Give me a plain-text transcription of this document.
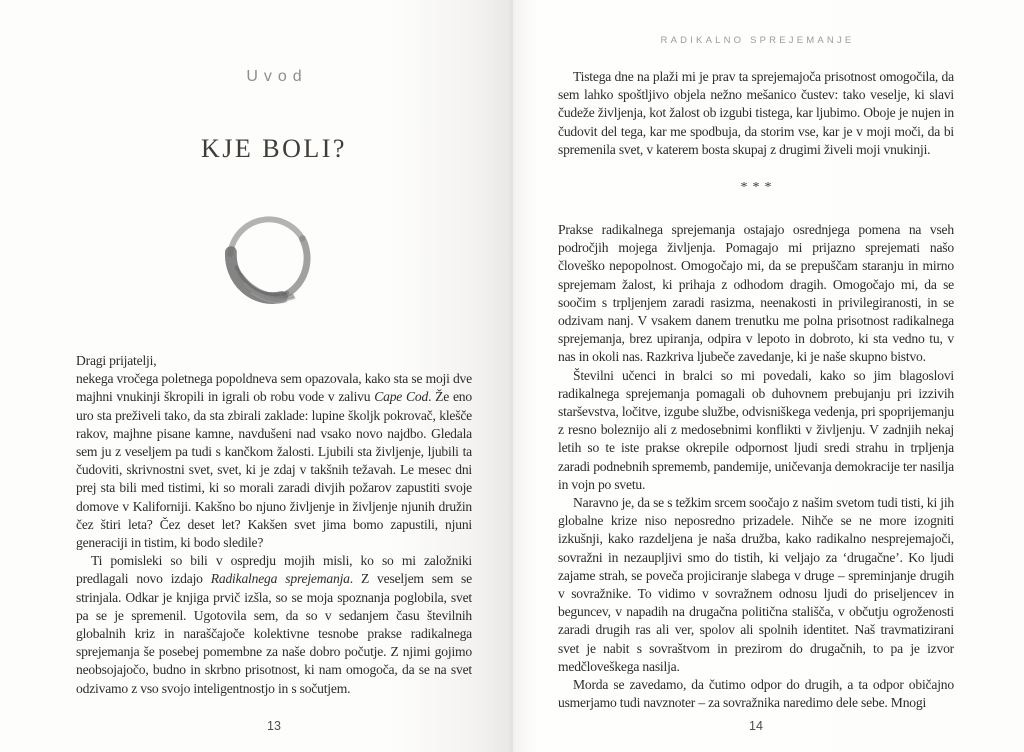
Uvod
KJE BOLI?

Dragi prijatelji,

nekega vročega poletnega popoldneva sem opazovala, kako sta se moji dve majhni vnukinji škropili in igrali ob robu vode v zalivu Cape Cod. Že eno uro sta preživeli tako, da sta zbirali zaklade: lupine školjk pokrovač, klešče rakov, majhne pisane kamne, navdušeni nad vsako novo najdbo. Gledala sem ju z veseljem pa tudi s kančkom žalosti. Ljubili sta življenje, ljubili ta čudoviti, skrivnostni svet, svet, ki je zdaj v takšnih težavah. Le mesec dni prej sta bili med tistimi, ki so morali zaradi divjih požarov zapustiti svoje domove v Kaliforniji. Kakšno bo njuno življenje in življenje njunih družin čez štiri leta? Čez deset let? Kakšen svet jima bomo zapustili, njuni generaciji in tistim, ki bodo sledile?

Ti pomisleki so bili v ospredju mojih misli, ko so mi založniki predlagali novo izdajo Radikalnega sprejemanja. Z veseljem sem se strinjala. Odkar je knjiga prvič izšla, so se moja spoznanja poglobila, svet pa se je spremenil. Ugotovila sem, da so v sedanjem času številnih globalnih kriz in naraščajoče kolektivne tesnobe prakse radikalnega sprejemanja še posebej pomembne za naše dobro počutje. Z njimi gojimo neobsojajočo, budno in skrbno prisotnost, ki nam omogoča, da se na svet odzivamo z vso svojo inteligentnostjo in s sočutjem.

13
RADIKALNO SPREJEMANJE

Tistega dne na plaži mi je prav ta sprejemajoča prisotnost omogočila, da sem lahko spoštljivo objela nežno mešanico čustev: tako veselje, ki slavi čudeže življenja, kot žalost ob izgubi tistega, kar ljubimo. Oboje je nujen in čudovit del tega, kar me spodbuja, da storim vse, kar je v moji moči, da bi spremenila svet, v katerem bosta skupaj z drugimi živeli moji vnukinji.

***

Prakse radikalnega sprejemanja ostajajo osrednjega pomena na vseh področjih mojega življenja. Pomagajo mi prijazno sprejemati našo človeško nepopolnost. Omogočajo mi, da se prepuščam staranju in mirno sprejemam žalost, ki prihaja z odhodom dragih. Omogočajo mi, da se soočim s trpljenjem zaradi rasizma, neenakosti in privilegiranosti, in se odzivam nanj. V vsakem danem trenutku me polna prisotnost radikalnega sprejemanja, brez upiranja, odpira v lepoto in dobroto, ki sta vedno tu, v nas in okoli nas. Razkriva ljubeče zavedanje, ki je naše skupno bistvo.

Številni učenci in bralci so mi povedali, kako so jim blagoslovi radikalnega sprejemanja pomagali ob duhovnem prebujanju pri izzivih starševstva, ločitve, izgube službe, odvisniškega vedenja, pri spoprijemanju z resno boleznijo ali z medosebnimi konflikti v življenju. V zadnjih nekaj letih so te iste prakse okrepile odpornost ljudi sredi strahu in trpljenja zaradi podnebnih sprememb, pandemije, uničevanja demokracije ter nasilja in vojn po svetu.

Naravno je, da se s težkim srcem soočajo z našim svetom tudi tisti, ki jih globalne krize niso neposredno prizadele. Nihče se ne more izogniti izkušnji, kako razdeljena je naša družba, kako radikalno nesprejemajoči, sovražni in nezaupljivi smo do tistih, ki veljajo za ‘drugačne’. Ko ljudi zajame strah, se poveča projiciranje slabega v druge – spreminjanje drugih v sovražnike. To vidimo v sovražnem odnosu ljudi do priseljencev in beguncev, v napadih na drugačna politična stališča, v občutju ogroženosti zaradi drugih ras ali ver, spolov ali spolnih identitet. Naš travmatizirani svet je nabit s sovraštvom in prezirom do drugačnih, to pa je izvor medčloveškega nasilja.

Morda se zavedamo, da čutimo odpor do drugih, a ta odpor običajno usmerjamo tudi navznoter – za sovražnika naredimo dele sebe. Mnogi

14
